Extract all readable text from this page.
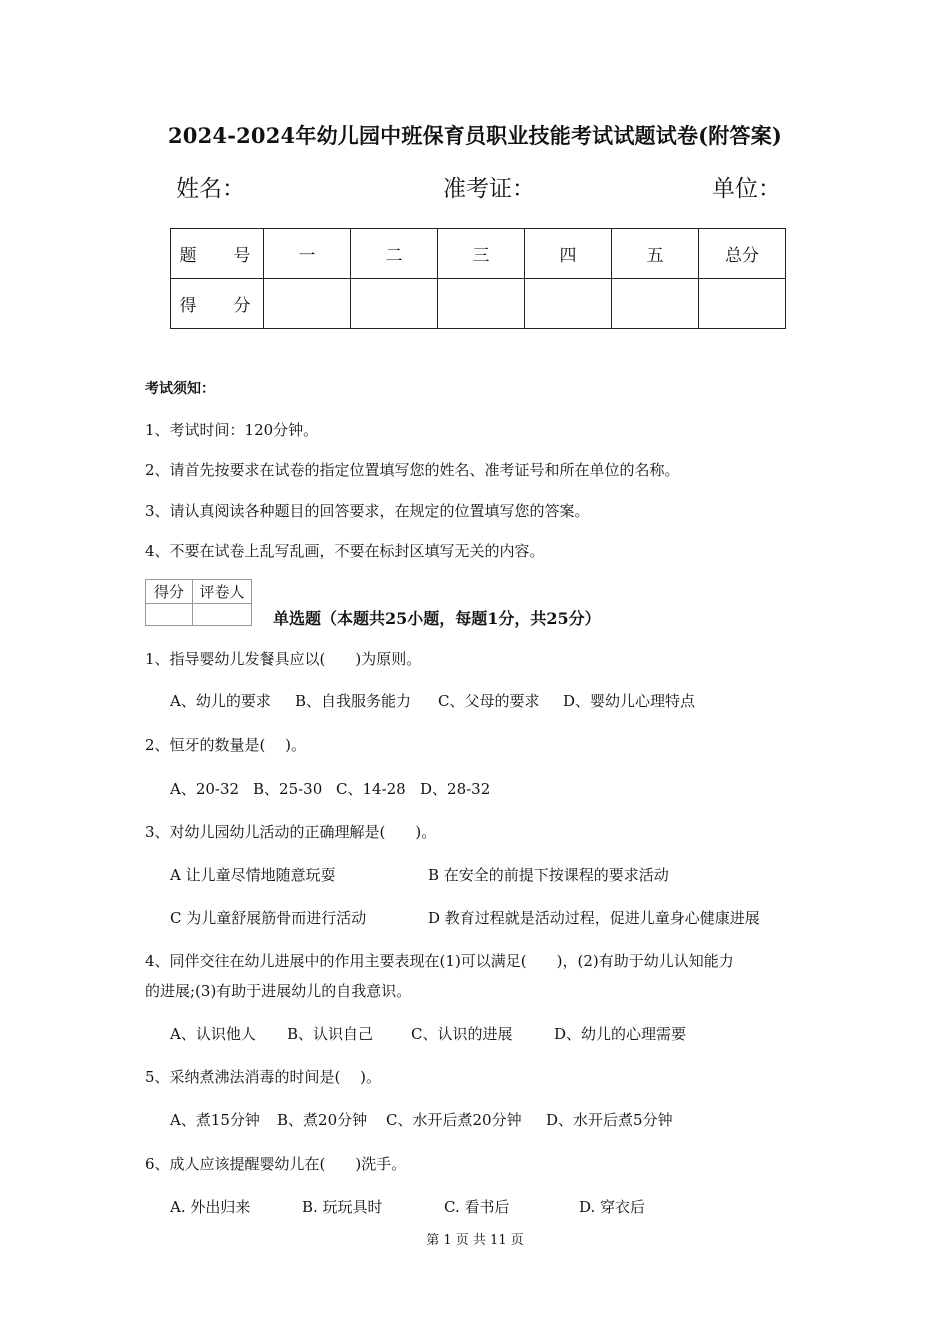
2024-2024年幼儿园中班保育员职业技能考试试题试卷(附答案)
姓名：	准考证：	单位：
题　号	一	二	三	四	五	总分
得　分						
考试须知：
1、考试时间：120分钟。
2、请首先按要求在试卷的指定位置填写您的姓名、准考证号和所在单位的名称。
3、请认真阅读各种题目的回答要求，在规定的位置填写您的答案。
4、不要在试卷上乱写乱画，不要在标封区填写无关的内容。
得分	评卷人

单选题（本题共25小题，每题1分，共25分）
1、指导婴幼儿发餐具应以(　　)为原则。
A、幼儿的要求 B、自我服务能力 C、父母的要求 D、婴幼儿心理特点
2、恒牙的数量是(　 )。
A、20-32 B、25-30 C、14-28 D、28-32
3、对幼儿园幼儿活动的正确理解是(　　)。
A 让儿童尽情地随意玩耍	B 在安全的前提下按课程的要求活动
C 为儿童舒展筋骨而进行活动	D 教育过程就是活动过程，促进儿童身心健康进展
4、同伴交往在幼儿进展中的作用主要表现在(1)可以满足(　　)，(2)有助于幼儿认知能力
的进展;(3)有助于进展幼儿的自我意识。
A、认识他人 B、认识自己	C、认识的进展	D、幼儿的心理需要
5、采纳煮沸法消毒的时间是(　 )。
A、煮15分钟 B、煮20分钟 C、水开后煮20分钟 D、水开后煮5分钟
6、成人应该提醒婴幼儿在(　　)洗手。
A. 外出归来	B. 玩玩具时	C. 看书后	D. 穿衣后
第 1 页 共 11 页
